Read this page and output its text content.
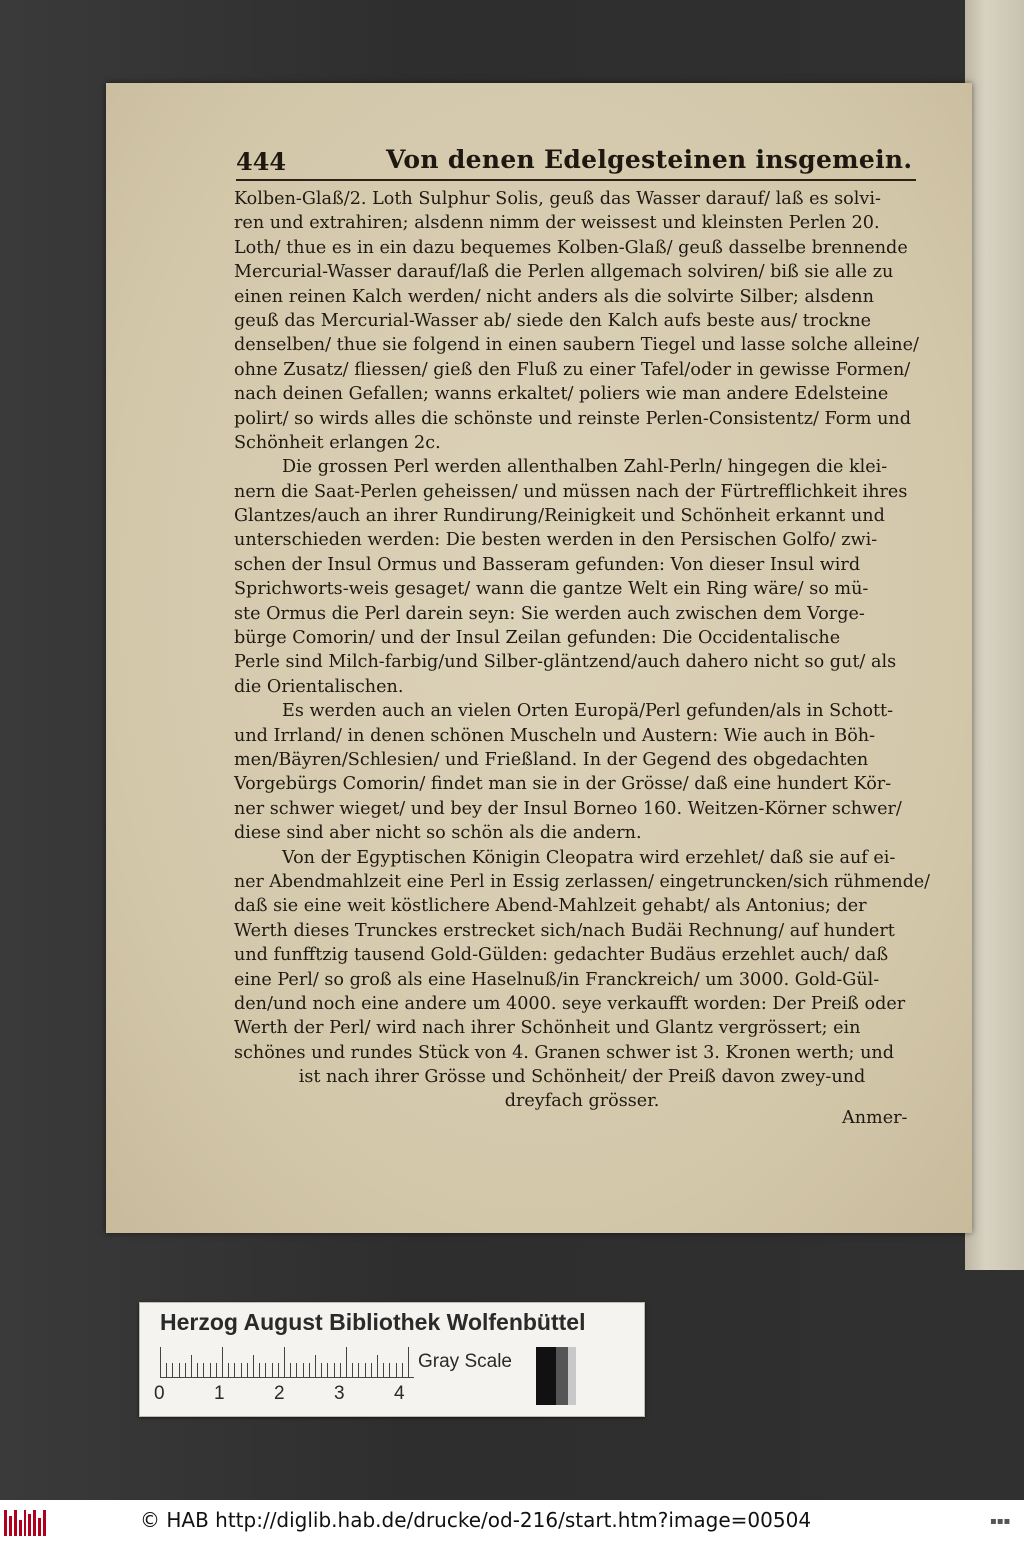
444	Von denen Edelgesteinen insgemein.
Kolben-Glaß/2. Loth Sulphur Solis, geuß das Wasser darauf/ laß es solvi-
ren und extrahiren; alsdenn nimm der weissest und kleinsten Perlen 20.
Loth/ thue es in ein dazu bequemes Kolben-Glaß/ geuß dasselbe brennende
Mercurial-Wasser darauf/laß die Perlen allgemach solviren/ biß sie alle zu
einen reinen Kalch werden/ nicht anders als die solvirte Silber; alsdenn
geuß das Mercurial-Wasser ab/ siede den Kalch aufs beste aus/ trockne
denselben/ thue sie folgend in einen saubern Tiegel und lasse solche alleine/
ohne Zusatz/ fliessen/ gieß den Fluß zu einer Tafel/oder in gewisse Formen/
nach deinen Gefallen; wanns erkaltet/ poliers wie man andere Edelsteine
polirt/ so wirds alles die schönste und reinste Perlen-Consistentz/ Form und
Schönheit erlangen 2c.
Die grossen Perl werden allenthalben Zahl-Perln/ hingegen die klei-
nern die Saat-Perlen geheissen/ und müssen nach der Fürtrefflichkeit ihres
Glantzes/auch an ihrer Rundirung/Reinigkeit und Schönheit erkannt und
unterschieden werden: Die besten werden in den Persischen Golfo/ zwi-
schen der Insul Ormus und Basseram gefunden: Von dieser Insul wird
Sprichworts-weis gesaget/ wann die gantze Welt ein Ring wäre/ so mü-
ste Ormus die Perl darein seyn: Sie werden auch zwischen dem Vorge-
bürge Comorin/ und der Insul Zeilan gefunden: Die Occidentalische
Perle sind Milch-farbig/und Silber-gläntzend/auch dahero nicht so gut/ als
die Orientalischen.
Es werden auch an vielen Orten Europä/Perl gefunden/als in Schott-
und Irrland/ in denen schönen Muscheln und Austern: Wie auch in Böh-
men/Bäyren/Schlesien/ und Frießland. In der Gegend des obgedachten
Vorgebürgs Comorin/ findet man sie in der Grösse/ daß eine hundert Kör-
ner schwer wieget/ und bey der Insul Borneo 160. Weitzen-Körner schwer/
diese sind aber nicht so schön als die andern.
Von der Egyptischen Königin Cleopatra wird erzehlet/ daß sie auf ei-
ner Abendmahlzeit eine Perl in Essig zerlassen/ eingetruncken/sich rühmende/
daß sie eine weit köstlichere Abend-Mahlzeit gehabt/ als Antonius; der
Werth dieses Trunckes erstrecket sich/nach Budäi Rechnung/ auf hundert
und funfftzig tausend Gold-Gülden: gedachter Budäus erzehlet auch/ daß
eine Perl/ so groß als eine Haselnuß/in Franckreich/ um 3000. Gold-Gül-
den/und noch eine andere um 4000. seye verkaufft worden: Der Preiß oder
Werth der Perl/ wird nach ihrer Schönheit und Glantz vergrössert; ein
schönes und rundes Stück von 4. Granen schwer ist 3. Kronen werth; und
ist nach ihrer Grösse und Schönheit/ der Preiß davon zwey-und
dreyfach grösser.
Anmer-
Herzog August Bibliothek Wolfenbüttel
0	1	2	3	4
Gray Scale
© HAB http://diglib.hab.de/drucke/od-216/start.htm?image=00504	▪▪▪
